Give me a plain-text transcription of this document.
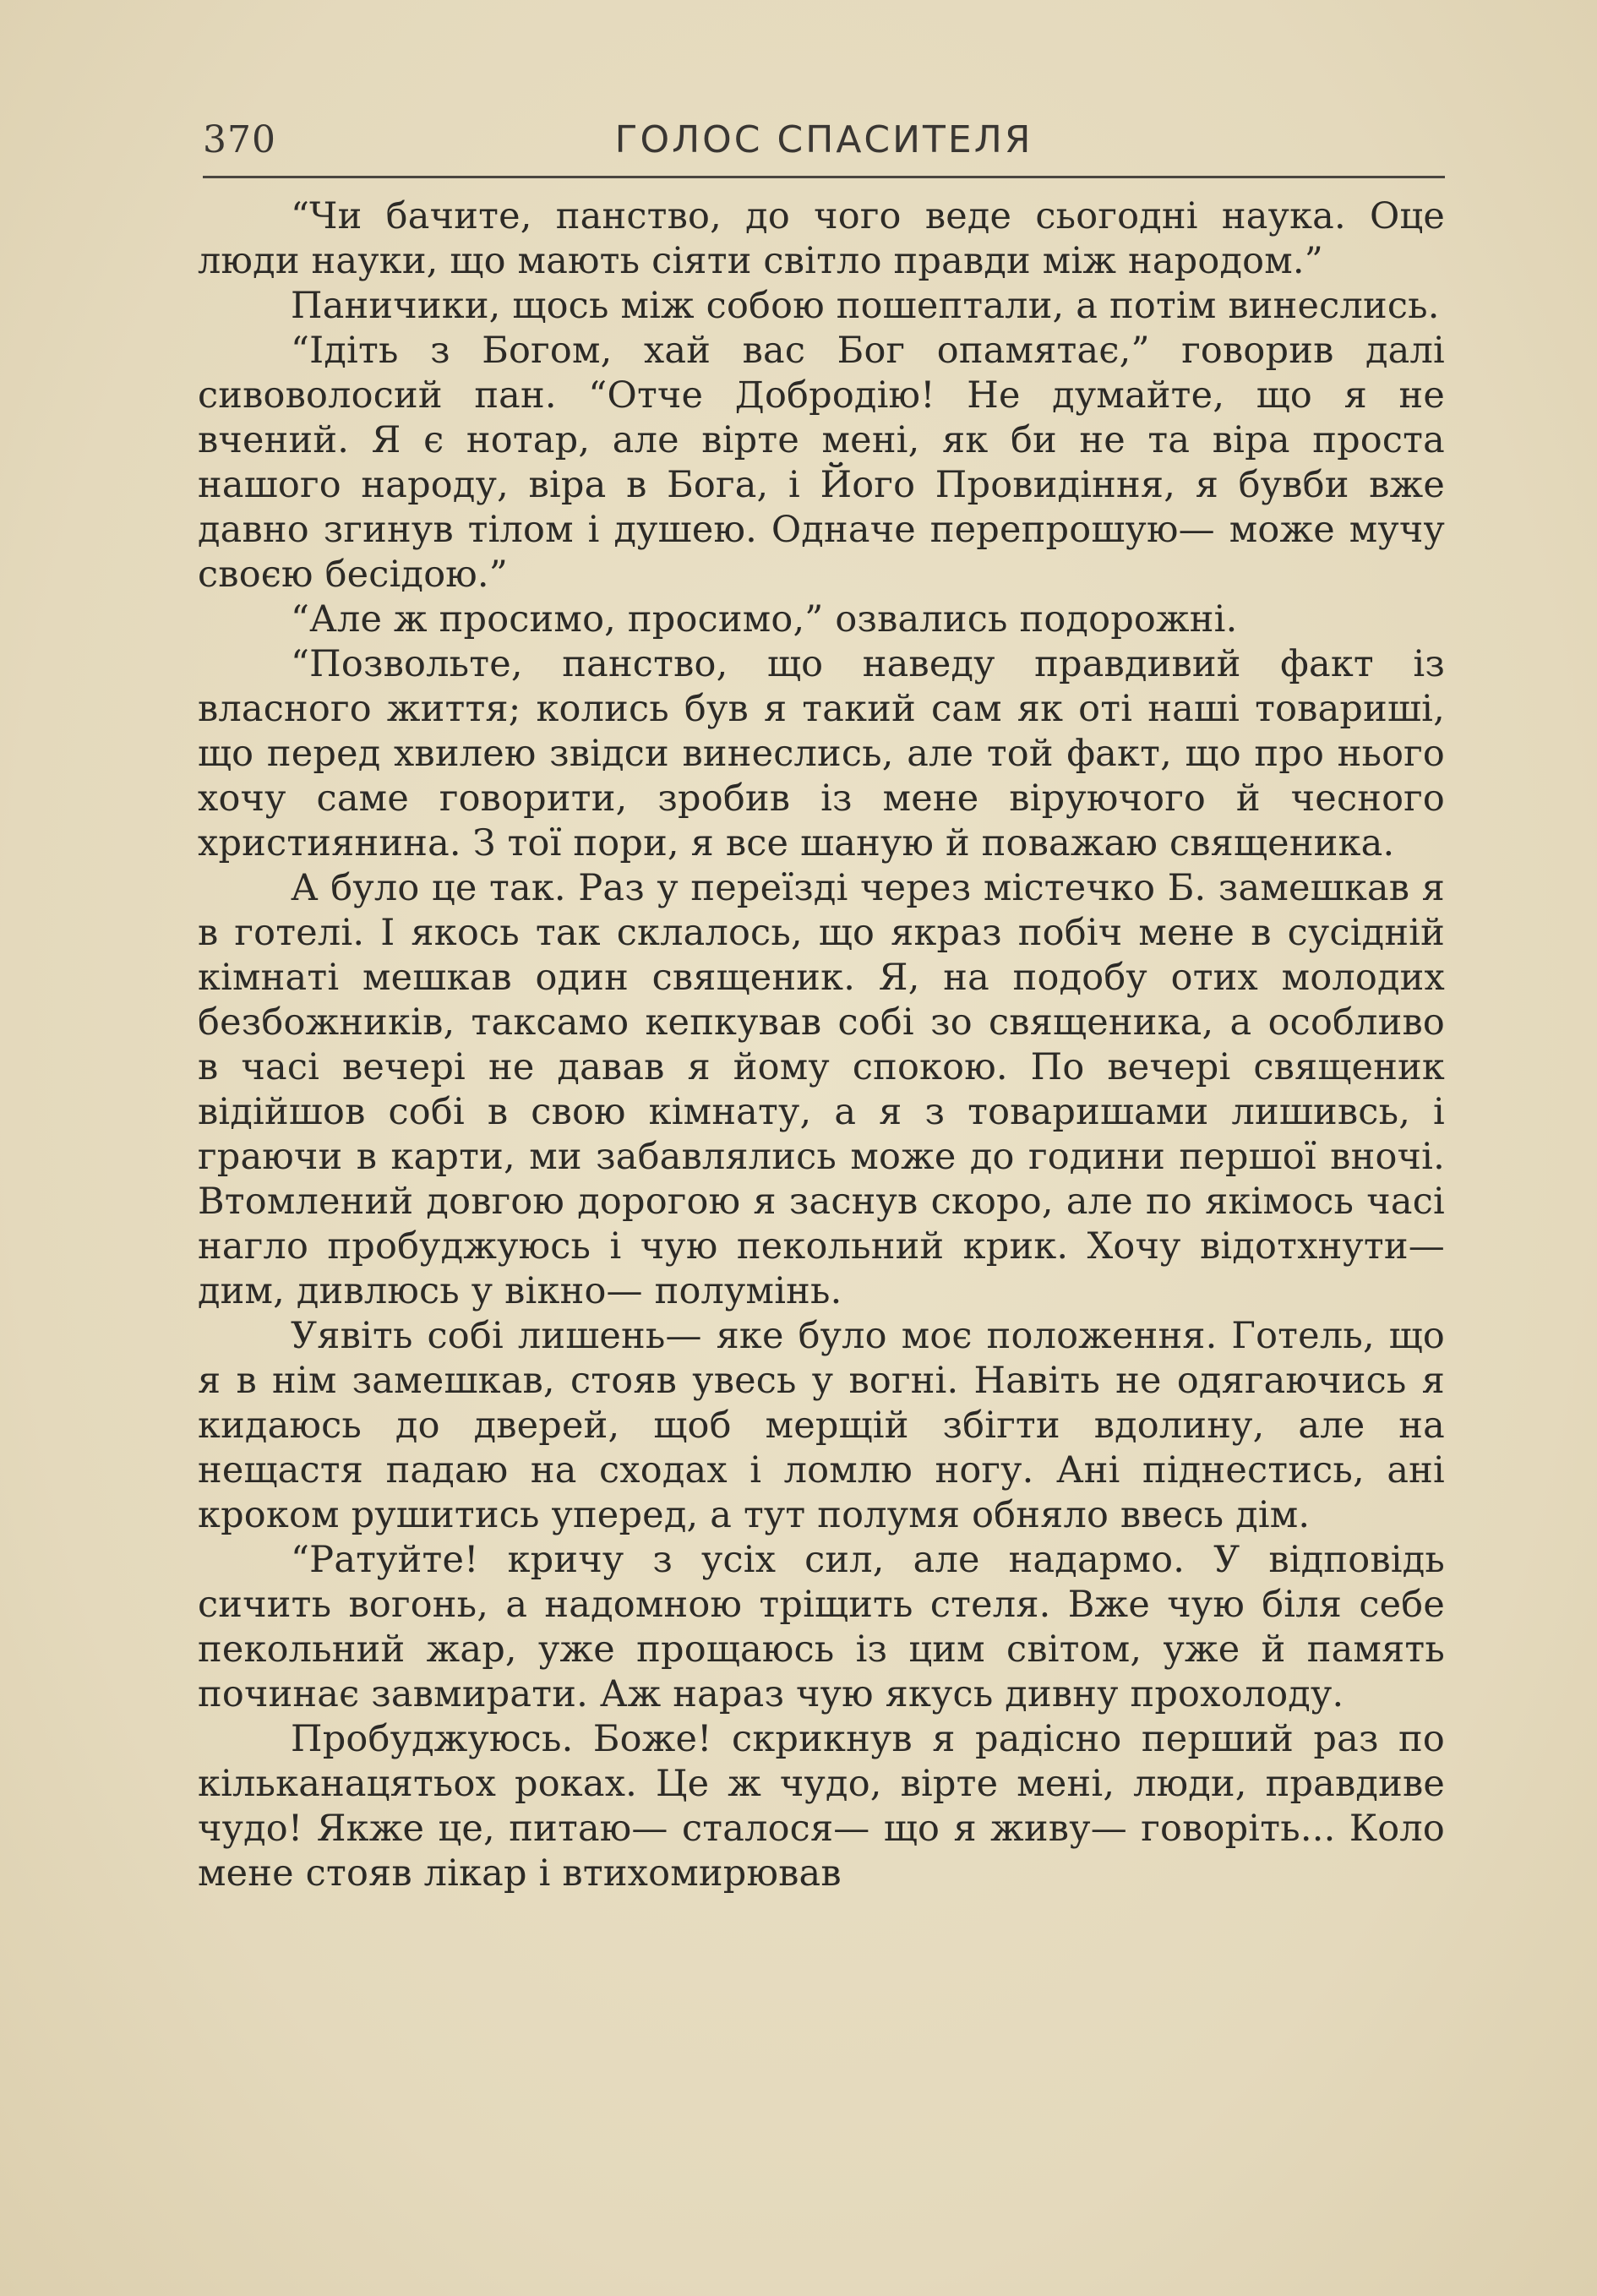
370	ГОЛОС СПАСИТЕЛЯ

“Чи бачите, панство, до чого веде сьогодні наука. Оце люди науки, що мають сіяти світло правди між народом.”

Паничики, щось між собою пошептали, а потім винеслись.

“Ідіть з Богом, хай вас Бог опамятає,” говорив далі сивоволосий пан. “Отче Добродію! Не думайте, що я не вчений. Я є нотар, але вірте мені, як би не та віра проста нашого народу, віра в Бога, і Його Провидіння, я бувби вже давно згинув тілом і душею. Одначе перепрошую— може мучу своєю бесідою.”

“Але ж просимо, просимо,” озвались подорожні.

“Позвольте, панство, що наведу правдивий факт із власного життя; колись був я такий сам як оті наші товариші, що перед хвилею звідси винеслись, але той факт, що про нього хочу саме говорити, зробив із мене віруючого й чесного християнина. З тої пори, я все шаную й поважаю священика.

А було це так. Раз у переїзді через містечко Б. замешкав я в готелі. І якось так склалось, що якраз побіч мене в сусідній кімнаті мешкав один священик. Я, на подобу отих молодих безбожників, таксамо кепкував собі зо священика, а особливо в часі вечері не давав я йому спокою. По вечері священик відійшов собі в свою кімнату, а я з товаришами лишивсь, і граючи в карти, ми забавлялись може до години першої вночі. Втомлений довгою дорогою я заснув скоро, але по якімось часі нагло пробуджуюсь і чую пекольний крик. Хочу відотхнути— дим, дивлюсь у вікно— полумінь.

Уявіть собі лишень— яке було моє положення. Готель, що я в нім замешкав, стояв увесь у вогні. Навіть не одягаючись я кидаюсь до дверей, щоб мерщій збігти вдолину, але на нещастя падаю на сходах і ломлю ногу. Ані піднестись, ані кроком рушитись уперед, а тут полумя обняло ввесь дім.

“Ратуйте! кричу з усіх сил, але надармо. У відповідь сичить вогонь, а надомною тріщить стеля. Вже чую біля себе пекольний жар, уже прощаюсь із цим світом, уже й память починає завмирати. Аж нараз чую якусь дивну прохолоду.

Пробуджуюсь. Боже! скрикнув я радісно перший раз по кільканацятьох роках. Це ж чудо, вірте мені, люди, правдиве чудо! Якже це, питаю— сталося— що я живу— говоріть... Коло мене стояв лікар і втихомирював
